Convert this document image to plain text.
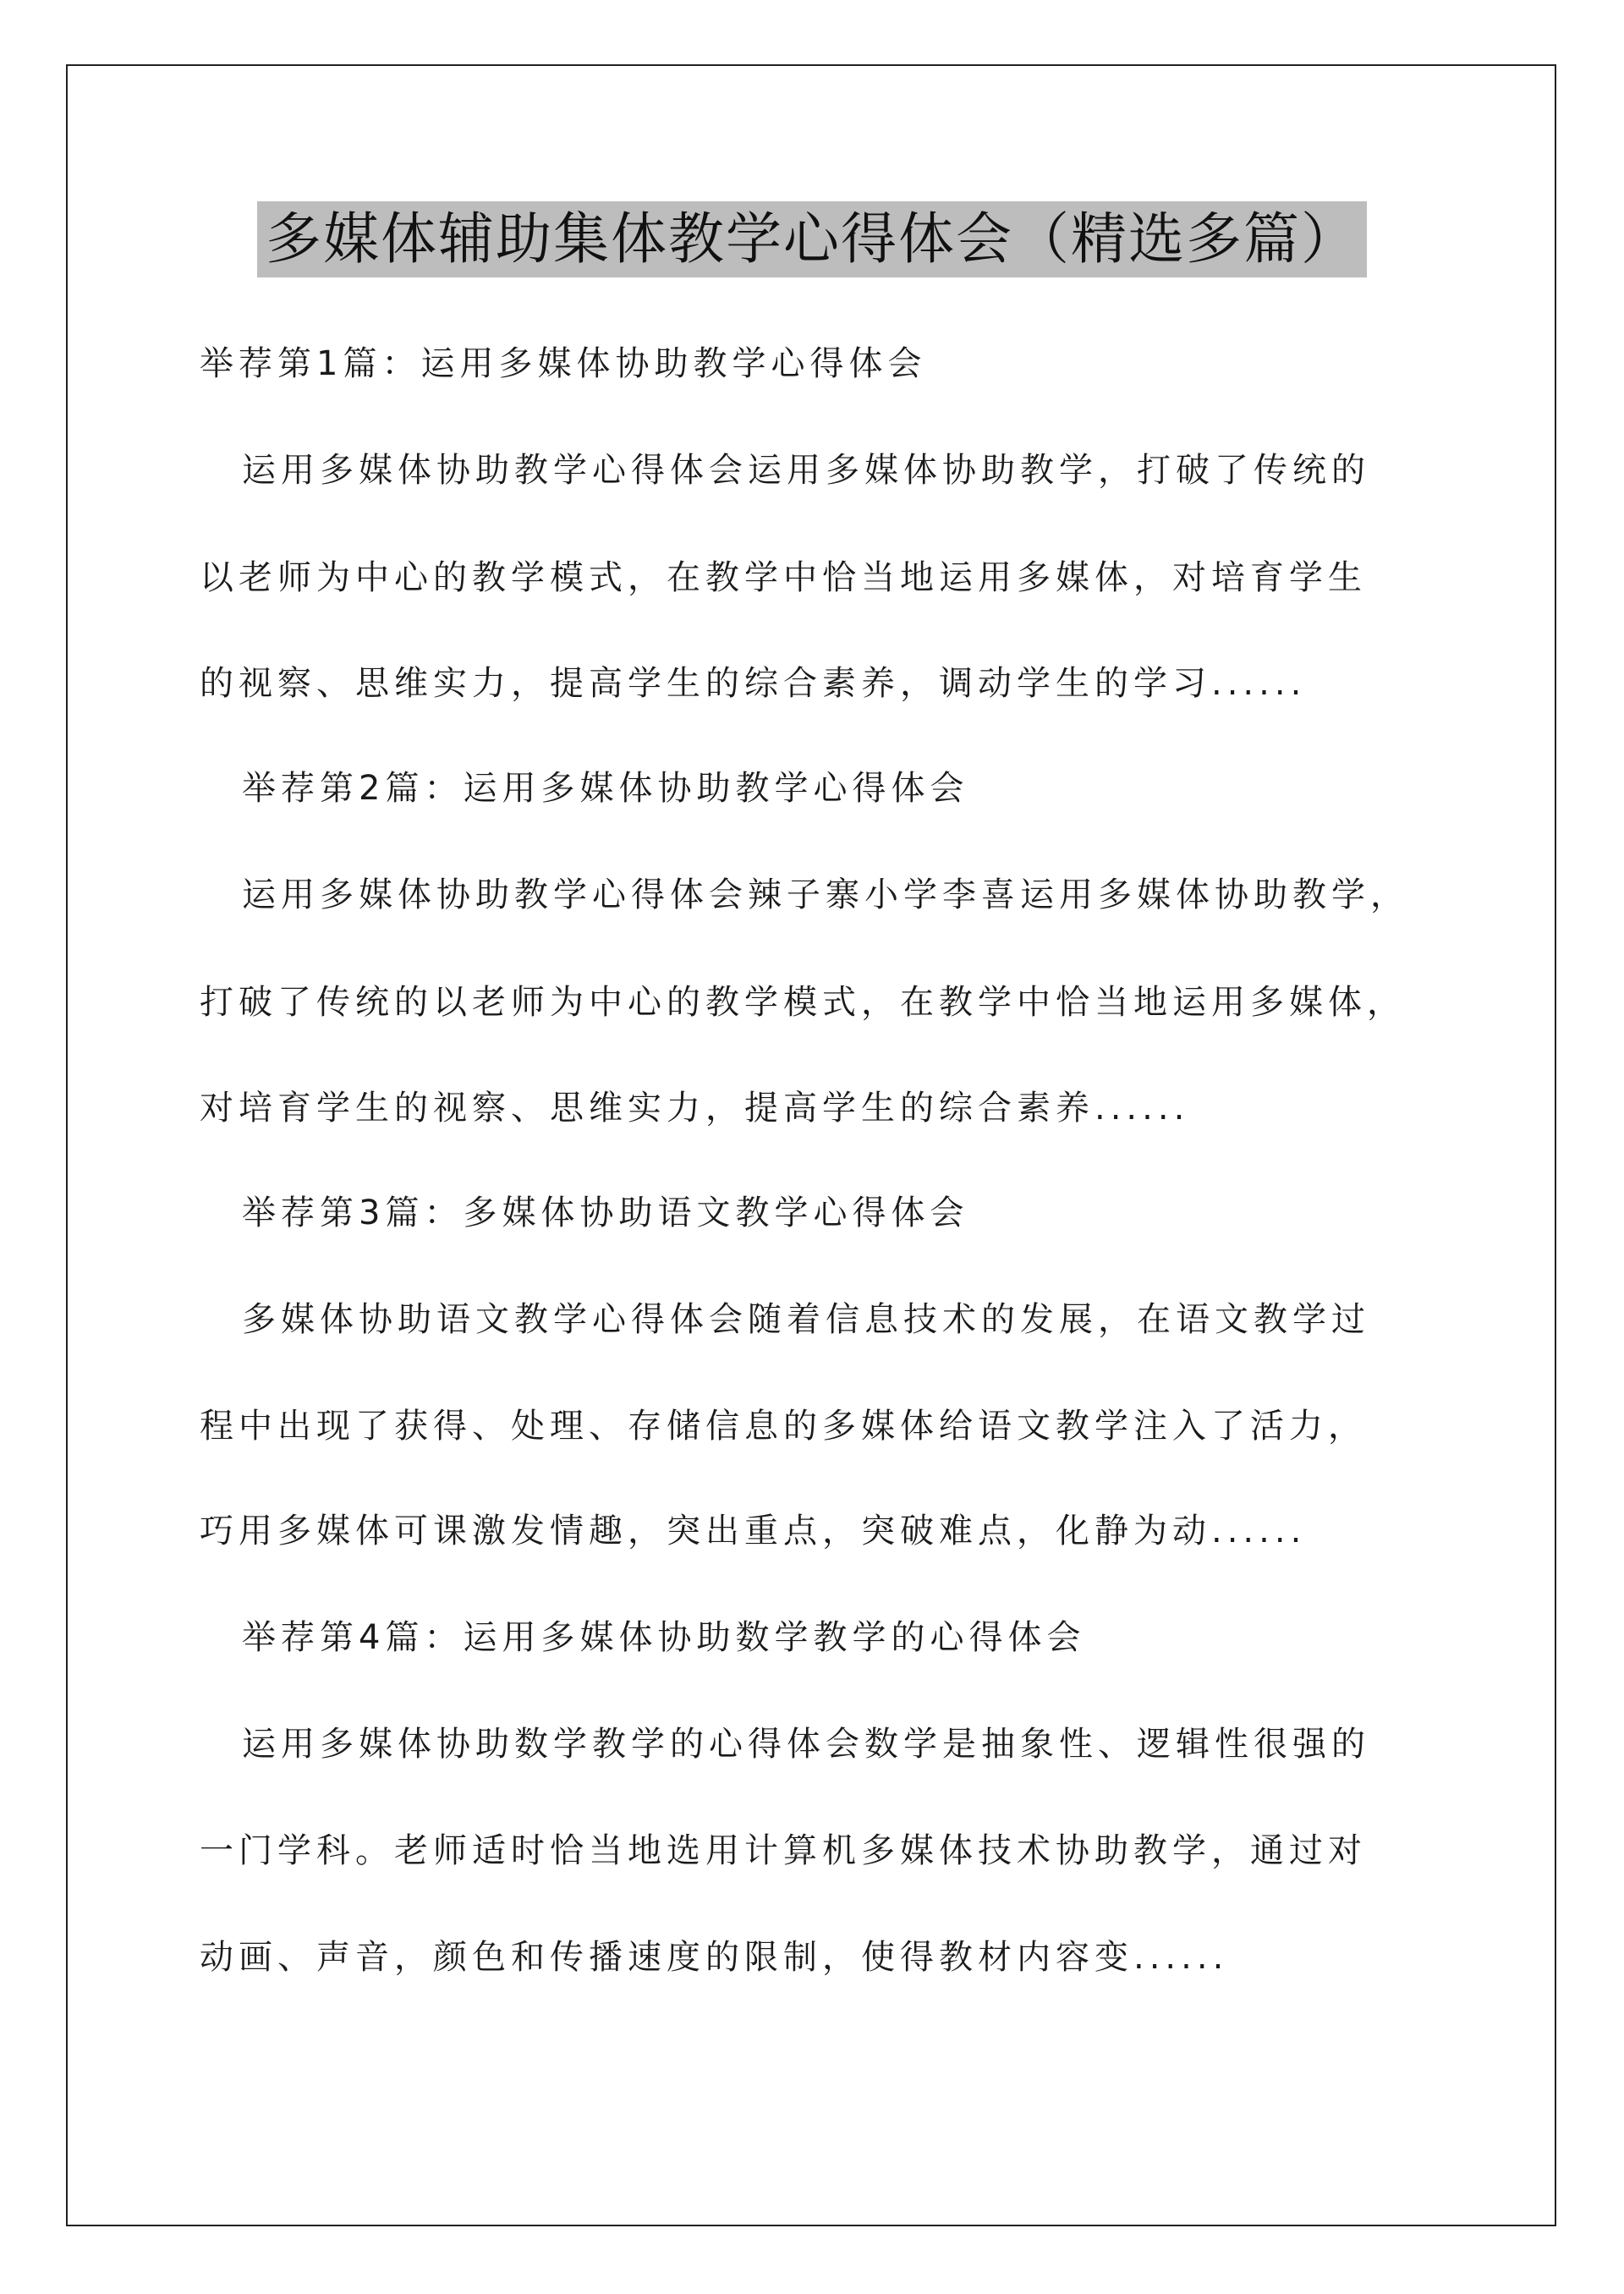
多媒体辅助集体教学心得体会（精选多篇）
举荐第1篇：运用多媒体协助教学心得体会
运用多媒体协助教学心得体会运用多媒体协助教学，打破了传统的
以老师为中心的教学模式，在教学中恰当地运用多媒体，对培育学生
的视察、思维实力，提高学生的综合素养，调动学生的学习......
举荐第2篇：运用多媒体协助教学心得体会
运用多媒体协助教学心得体会辣子寨小学李喜运用多媒体协助教学，
打破了传统的以老师为中心的教学模式，在教学中恰当地运用多媒体，
对培育学生的视察、思维实力，提高学生的综合素养......
举荐第3篇：多媒体协助语文教学心得体会
多媒体协助语文教学心得体会随着信息技术的发展，在语文教学过
程中出现了获得、处理、存储信息的多媒体给语文教学注入了活力，
巧用多媒体可课激发情趣，突出重点，突破难点，化静为动......
举荐第4篇：运用多媒体协助数学教学的心得体会
运用多媒体协助数学教学的心得体会数学是抽象性、逻辑性很强的
一门学科。老师适时恰当地选用计算机多媒体技术协助教学，通过对
动画、声音，颜色和传播速度的限制，使得教材内容变......
